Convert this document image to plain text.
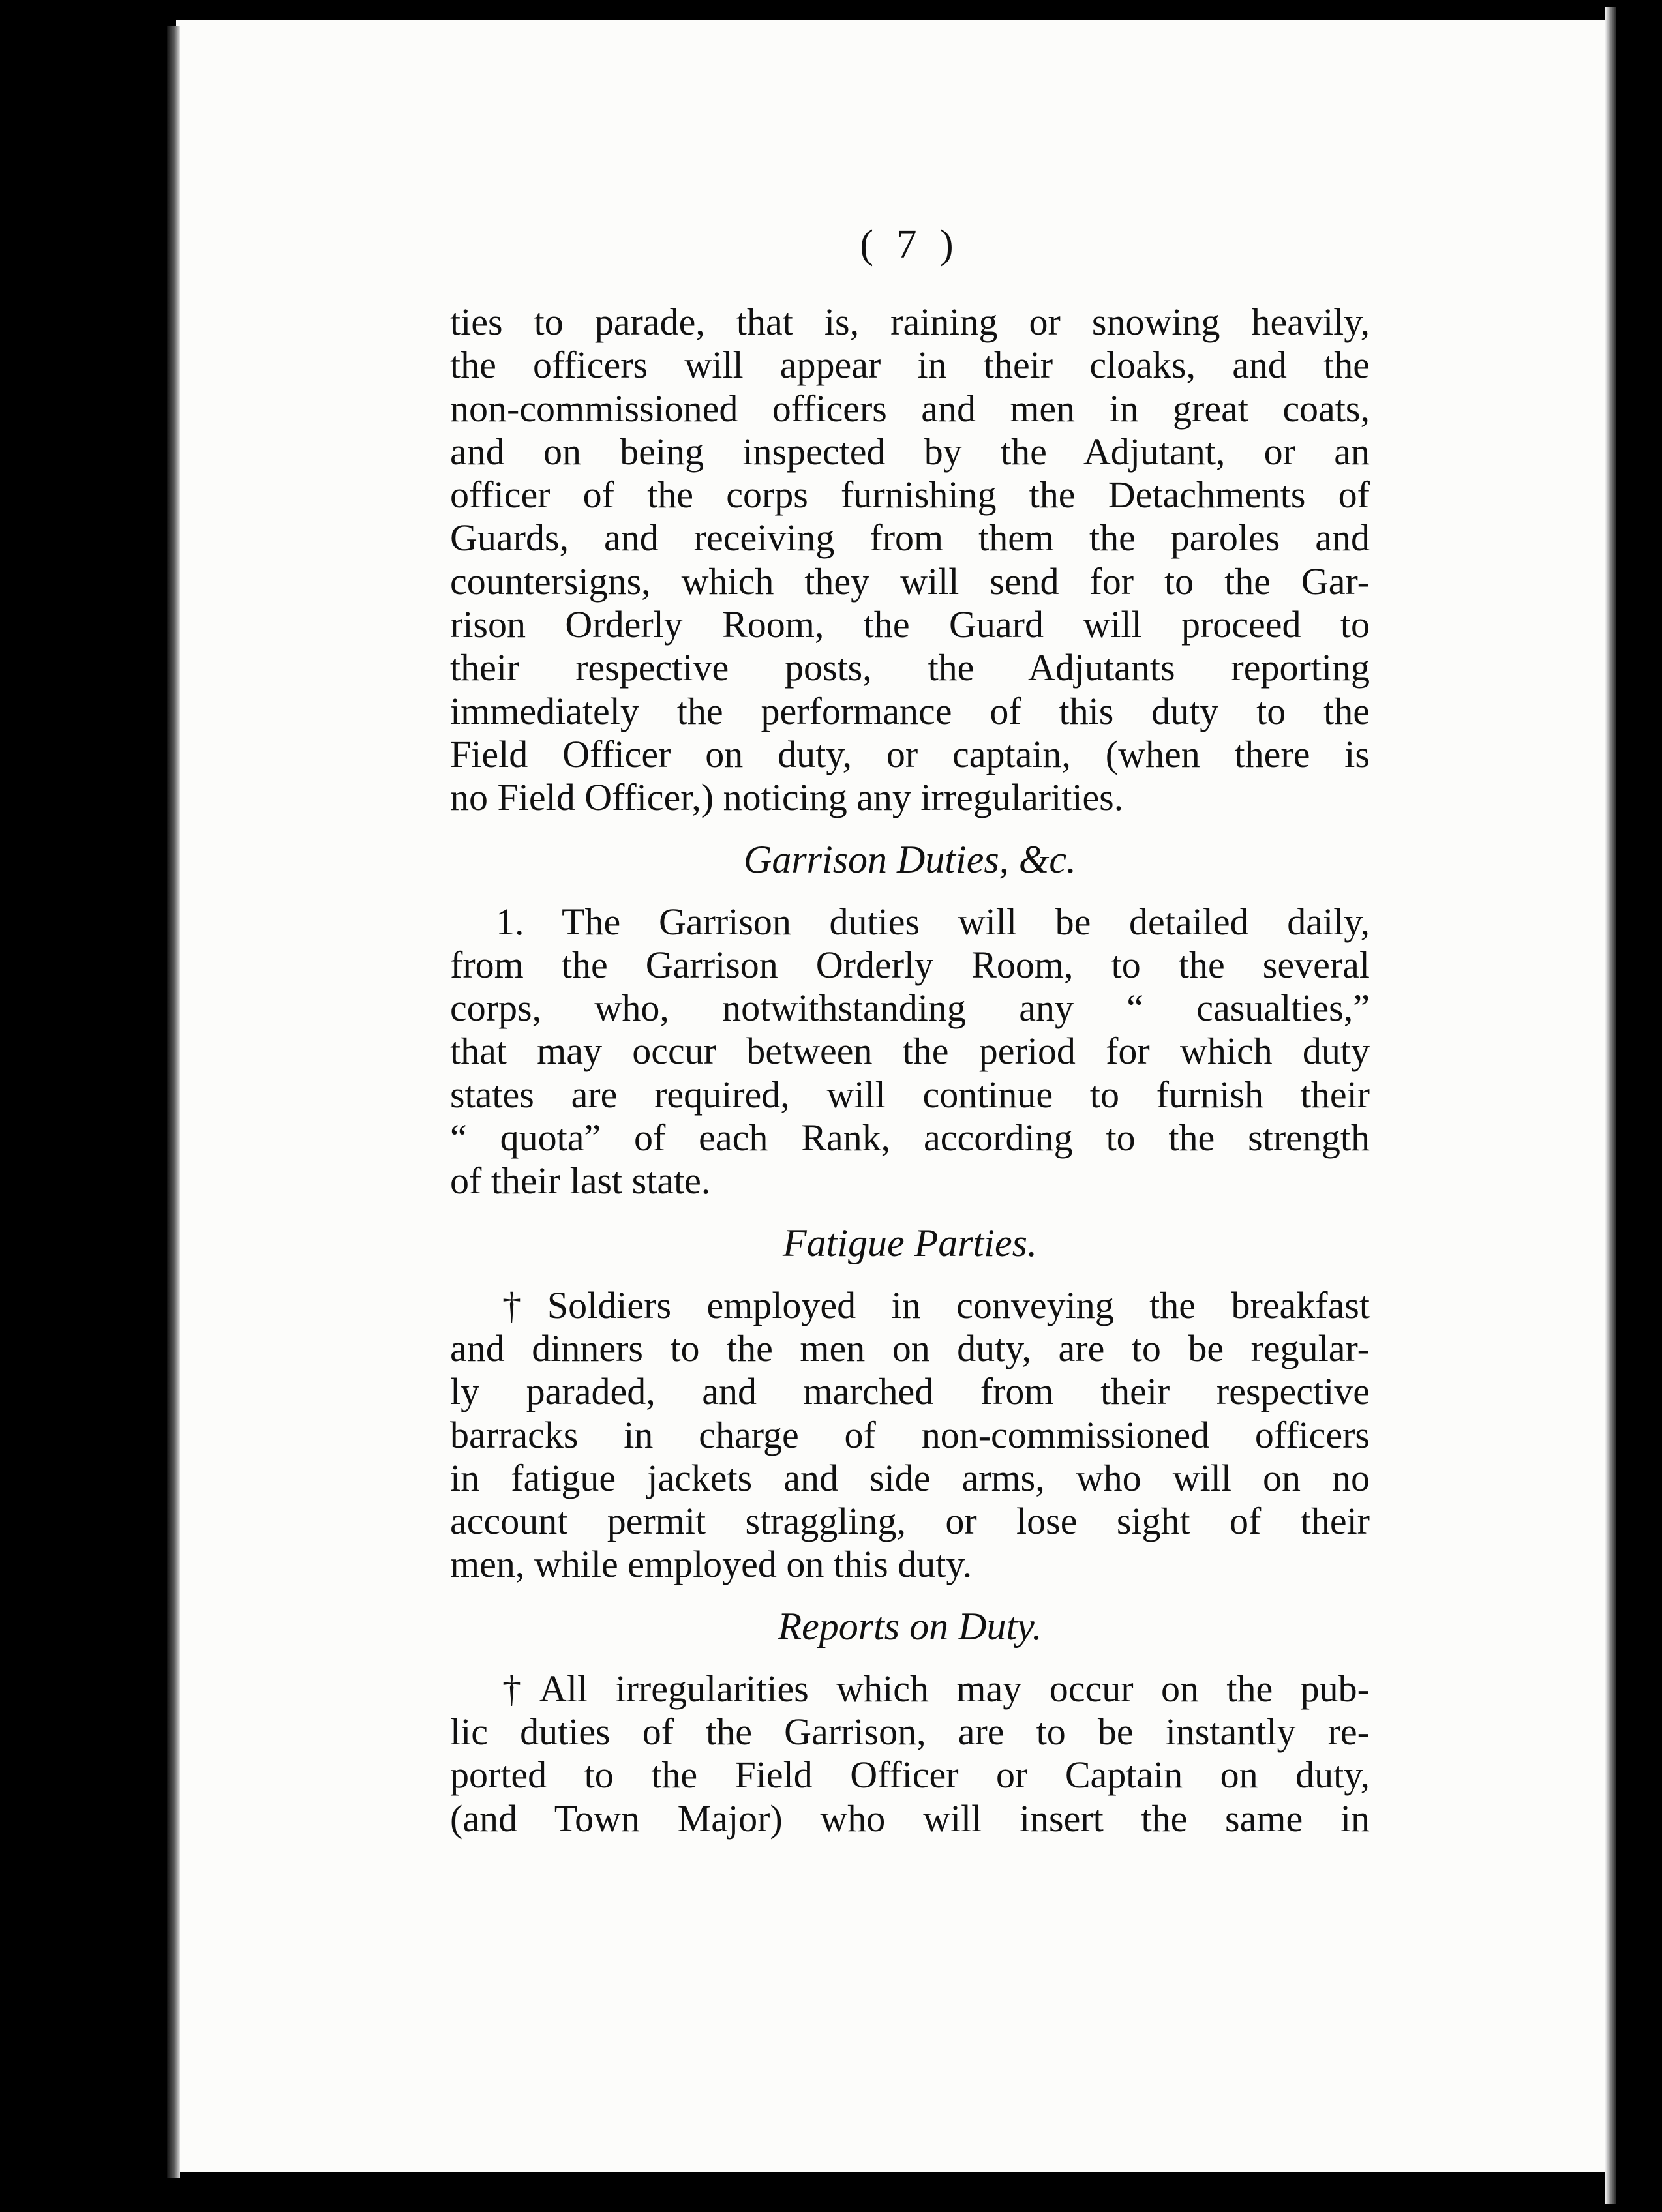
( 7 )
ties to parade, that is, raining or snowing heavily,
the officers will appear in their cloaks, and the
non-commissioned officers and men in great coats,
and on being inspected by the Adjutant, or an
officer of the corps furnishing the Detachments of
Guards, and receiving from them the paroles and
countersigns, which they will send for to the Gar-
rison Orderly Room, the Guard will proceed to
their respective posts, the Adjutants reporting
immediately the performance of this duty to the
Field Officer on duty, or captain, (when there is
no Field Officer,) noticing any irregularities.
Garrison Duties, &c.
1. The Garrison duties will be detailed daily,
from the Garrison Orderly Room, to the several
corps, who, notwithstanding any “ casualties,”
that may occur between the period for which duty
states are required, will continue to furnish their
“ quota” of each Rank, according to the strength
of their last state.
Fatigue Parties.
†Soldiers employed in conveying the breakfast
and dinners to the men on duty, are to be regular-
ly paraded, and marched from their respective
barracks in charge of non-commissioned officers
in fatigue jackets and side arms, who will on no
account permit straggling, or lose sight of their
men, while employed on this duty.
Reports on Duty.
†All irregularities which may occur on the pub-
lic duties of the Garrison, are to be instantly re-
ported to the Field Officer or Captain on duty,
(and Town Major) who will insert the same in
